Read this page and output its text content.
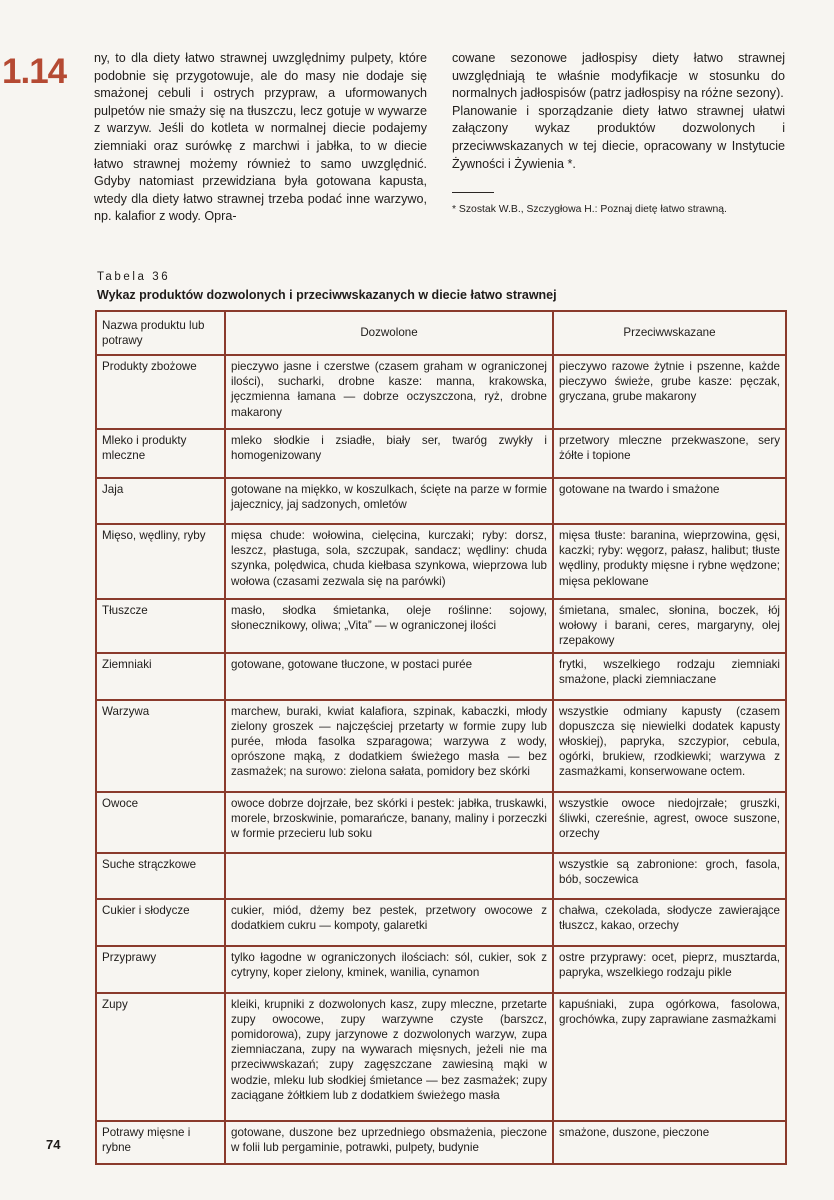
1.14 ny, to dla diety łatwo strawnej uwzględnimy pulpety, które podobnie się przygotowuje, ale do masy nie dodaje się smażonej cebuli i ostrych przypraw, a uformowanych pulpetów nie smaży się na tłuszczu, lecz gotuje w wywarze z warzyw. Jeśli do kotleta w normalnej diecie podajemy ziemniaki oraz surówkę z marchwi i jabłka, to w diecie łatwo strawnej możemy również to samo uwzględnić. Gdyby natomiast przewidziana była gotowana kapusta, wtedy dla diety łatwo strawnej trzeba podać inne warzywo, np. kalafior z wody. Opra-

cowane sezonowe jadłospisy diety łatwo strawnej uwzględniają te właśnie modyfikacje w stosunku do normalnych jadłospisów (patrz jadłospisy na różne sezony).

Planowanie i sporządzanie diety łatwo strawnej ułatwi załączony wykaz produktów dozwolonych i przeciwwskazanych w tej diecie, opracowany w Instytucie Żywności i Żywienia *.

* Szostak W.B., Szczygłowa H.: Poznaj dietę łatwo strawną.
Tabela 36
Wykaz produktów dozwolonych i przeciwwskazanych w diecie łatwo strawnej
Nazwa produktu lub potrawy	Dozwolone	Przeciwwskazane
Produkty zbożowe	pieczywo jasne i czerstwe (czasem graham w ograniczonej ilości), sucharki, drobne kasze: manna, krakowska, jęczmienna łamana — dobrze oczyszczona, ryż, drobne makarony	pieczywo razowe żytnie i pszenne, każde pieczywo świeże, grube kasze: pęczak, gryczana, grube makarony
Mleko i produkty mleczne	mleko słodkie i zsiadłe, biały ser, twaróg zwykły i homogenizowany	przetwory mleczne przekwaszone, sery żółte i topione
Jaja	gotowane na miękko, w koszulkach, ścięte na parze w formie jajecznicy, jaj sadzonych, omletów	gotowane na twardo i smażone
Mięso, wędliny, ryby	mięsa chude: wołowina, cielęcina, kurczaki; ryby: dorsz, leszcz, płastuga, sola, szczupak, sandacz; wędliny: chuda szynka, polędwica, chuda kiełbasa szynkowa, wieprzowa lub wołowa (czasami zezwala się na parówki)	mięsa tłuste: baranina, wieprzowina, gęsi, kaczki; ryby: węgorz, pałasz, halibut; tłuste wędliny, produkty mięsne i rybne wędzone; mięsa peklowane
Tłuszcze	masło, słodka śmietanka, oleje roślinne: sojowy, słonecznikowy, oliwa; „Vita” — w ograniczonej ilości	śmietana, smalec, słonina, boczek, łój wołowy i barani, ceres, margaryny, olej rzepakowy
Ziemniaki	gotowane, gotowane tłuczone, w postaci purée	frytki, wszelkiego rodzaju ziemniaki smażone, placki ziemniaczane
Warzywa	marchew, buraki, kwiat kalafiora, szpinak, kabaczki, młody zielony groszek — najczęściej przetarty w formie zupy lub purée, młoda fasolka szparagowa; warzywa z wody, oprószone mąką, z dodatkiem świeżego masła — bez zasmażek; na surowo: zielona sałata, pomidory bez skórki	wszystkie odmiany kapusty (czasem dopuszcza się niewielki dodatek kapusty włoskiej), papryka, szczypior, cebula, ogórki, brukiew, rzodkiewki; warzywa z zasmażkami, konserwowane octem.
Owoce	owoce dobrze dojrzałe, bez skórki i pestek: jabłka, truskawki, morele, brzoskwinie, pomarańcze, banany, maliny i porzeczki w formie przecieru lub soku	wszystkie owoce niedojrzałe; gruszki, śliwki, czereśnie, agrest, owoce suszone, orzechy
Suche strączkowe		wszystkie są zabronione: groch, fasola, bób, soczewica
Cukier i słodycze	cukier, miód, dżemy bez pestek, przetwory owocowe z dodatkiem cukru — kompoty, galaretki	chałwa, czekolada, słodycze zawierające tłuszcz, kakao, orzechy
Przyprawy	tylko łagodne w ograniczonych ilościach: sól, cukier, sok z cytryny, koper zielony, kminek, wanilia, cynamon	ostre przyprawy: ocet, pieprz, musztarda, papryka, wszelkiego rodzaju pikle
Zupy	kleiki, krupniki z dozwolonych kasz, zupy mleczne, przetarte zupy owocowe, zupy warzywne czyste (barszcz, pomidorowa), zupy jarzynowe z dozwolonych warzyw, zupa ziemniaczana, zupy na wywarach mięsnych, jeżeli nie ma przeciwwskazań; zupy zagęszczane zawiesiną mąki w wodzie, mleku lub słodkiej śmietance — bez zasmażek; zupy zaciągane żółtkiem lub z dodatkiem świeżego masła	kapuśniaki, zupa ogórkowa, fasolowa, grochówka, zupy zaprawiane zasmażkami
Potrawy mięsne i rybne	gotowane, duszone bez uprzedniego obsmażenia, pieczone w folii lub pergaminie, potrawki, pulpety, budynie	smażone, duszone, pieczone
74
